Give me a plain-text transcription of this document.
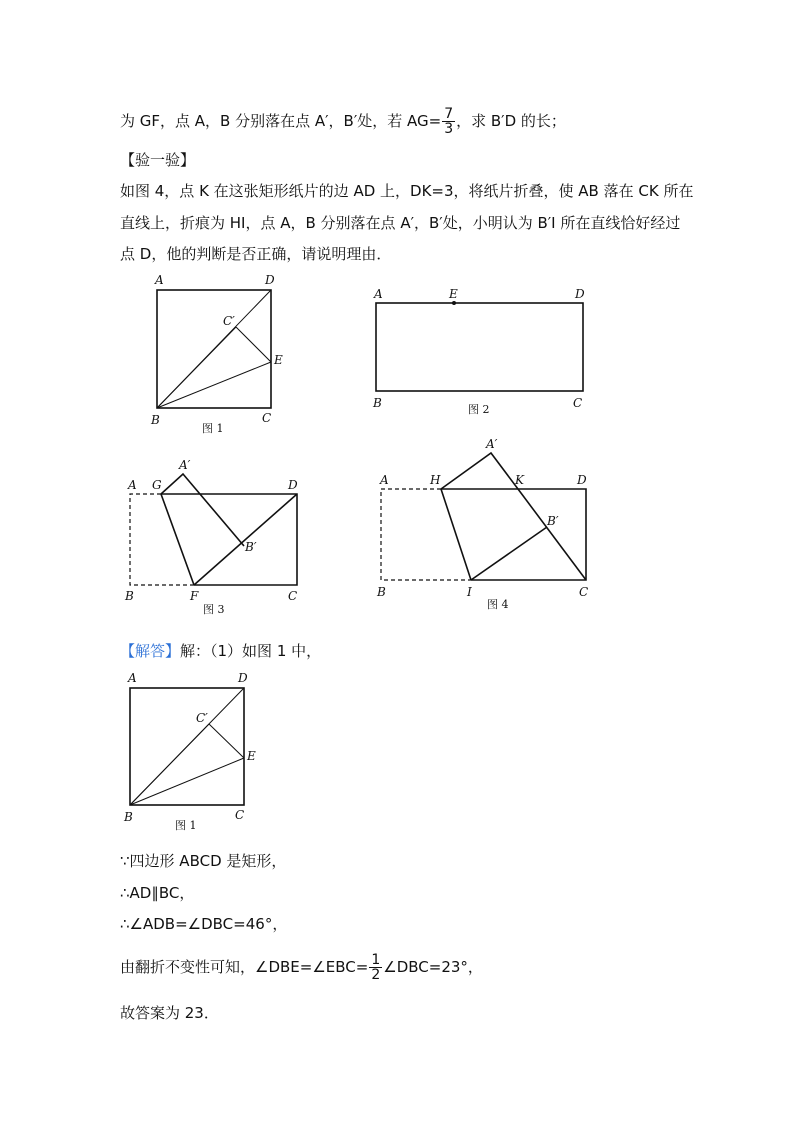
为 GF，点 A，B 分别落在点 A′，B′处，若 $AG= \frac{7}{3}$ ，求 B′D 的长；
【验一验】
如图 4，点 K 在这张矩形纸片的边 AD 上，DK=3，将纸片折叠，使 AB 落在 CK 所在
直线上，折痕为 HI，点 A，B 分别落在点 A′，B′处，小明认为 B′I 所在直线恰好经过
点 D，他的判断是否正确，请说明理由．
A	D
C′
E
B	C
图 1
A	E	D
B	C
图 2
A G
A′
D
B′
B	F	C
图 3
A	H
A′
K	D
B′
B	I	C
图 4
【解答】解：（1）如图 1 中，
A	D
C′
E
B	C
图 1
∵四边形 ABCD 是矩形，
∴AD∥BC，
∴∠ADB=∠DBC=46°，
由翻折不变性可知，∠DBE=∠EBC= $\frac{1}{2}$ ∠DBC=23°，
故答案为 23．
